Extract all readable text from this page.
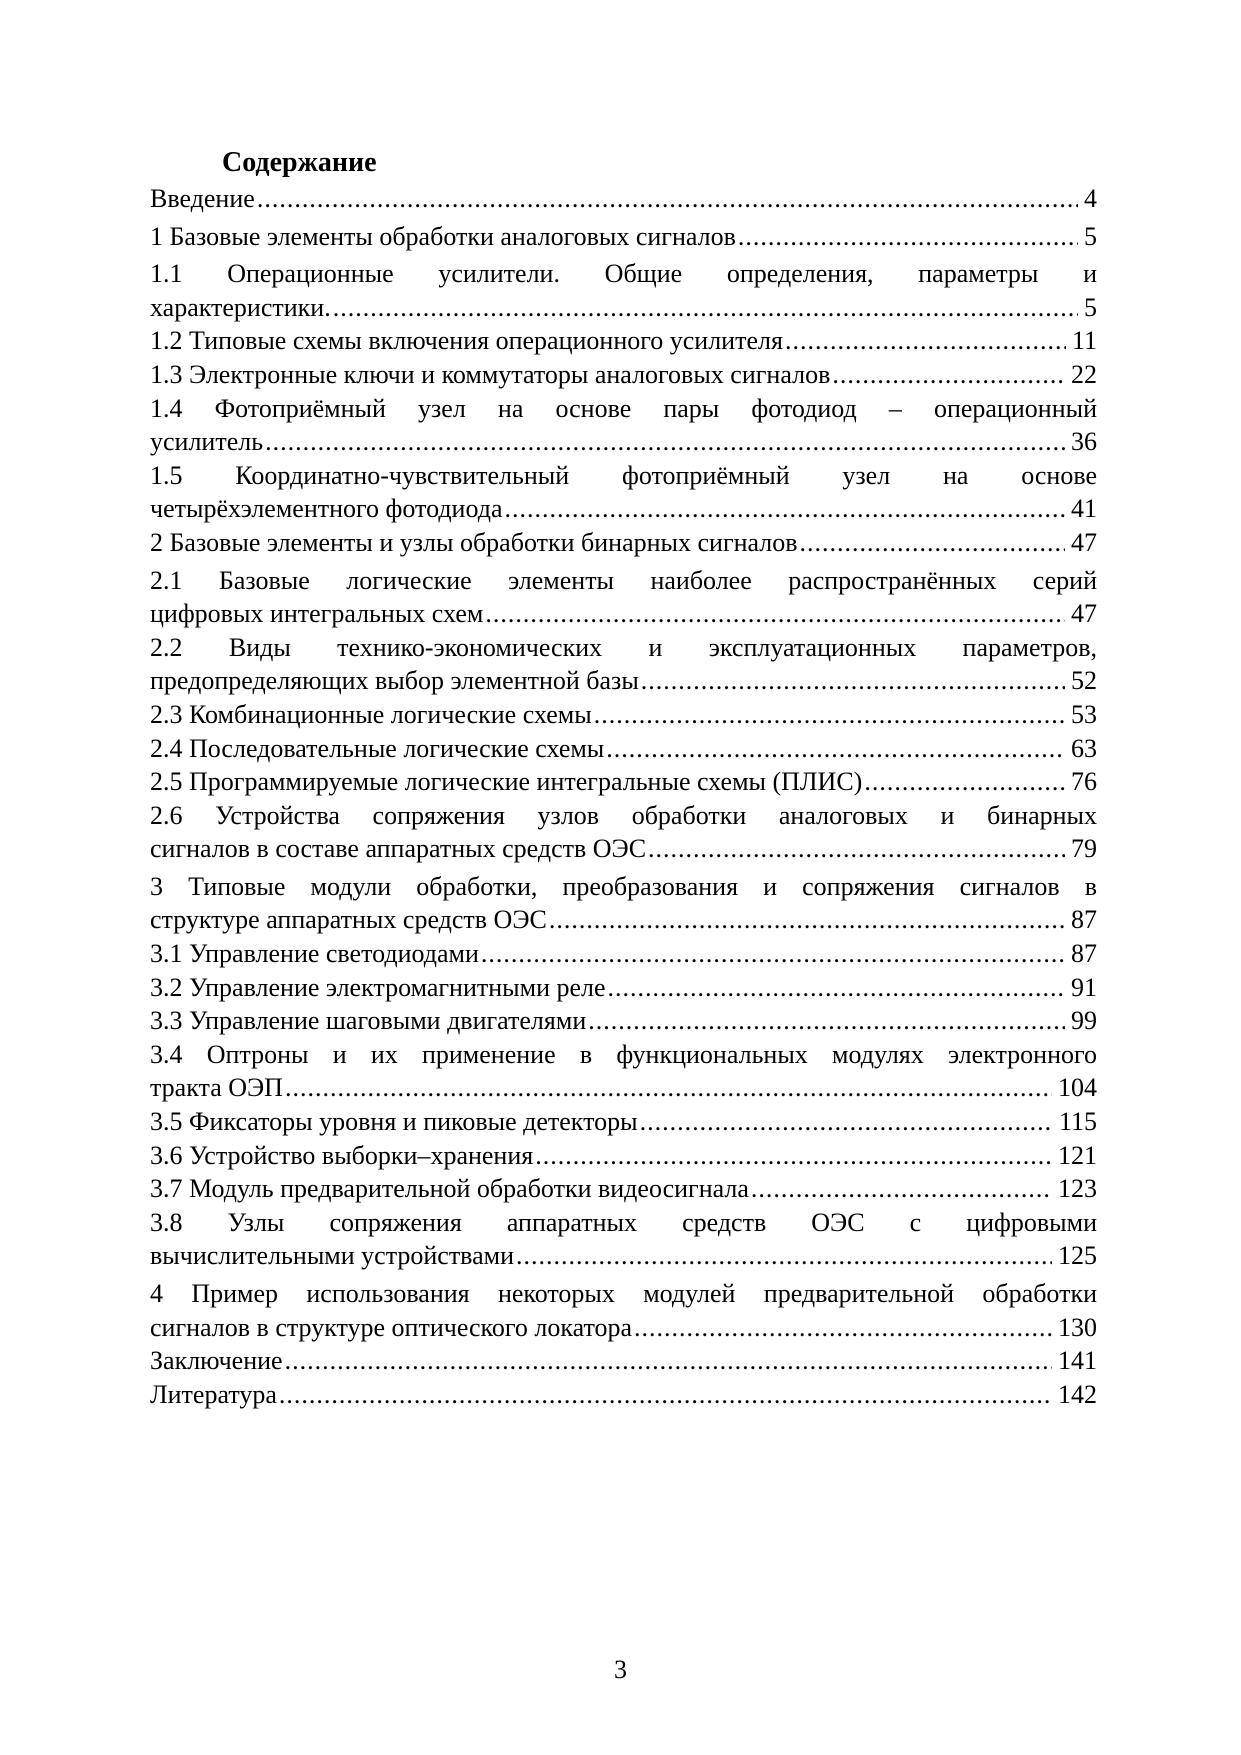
Содержание
Введение .....	4
1 Базовые элементы обработки аналоговых сигналов .....	5
1.1 Операционные усилители. Общие определения, параметры и
характеристики. .....	5
1.2 Типовые схемы включения операционного усилителя .....	11
1.3 Электронные ключи и коммутаторы аналоговых сигналов .....	22
1.4 Фотоприёмный узел на основе пары фотодиод – операционный
усилитель .....	36
1.5 Координатно-чувствительный фотоприёмный узел на основе
четырёхэлементного фотодиода .....	41
2 Базовые элементы и узлы обработки бинарных сигналов .....	47
2.1 Базовые логические элементы наиболее распространённых серий
цифровых интегральных схем .....	47
2.2 Виды технико-экономических и эксплуатационных параметров,
предопределяющих выбор элементной базы .....	52
2.3 Комбинационные логические схемы .....	53
2.4 Последовательные логические схемы .....	63
2.5 Программируемые логические интегральные схемы (ПЛИС) .....	76
2.6 Устройства сопряжения узлов обработки аналоговых и бинарных
сигналов в составе аппаратных средств ОЭС .....	79
3 Типовые модули обработки, преобразования и сопряжения сигналов в
структуре аппаратных средств ОЭС .....	87
3.1 Управление светодиодами .....	87
3.2 Управление электромагнитными реле .....	91
3.3 Управление шаговыми двигателями .....	99
3.4 Оптроны и их применение в функциональных модулях электронного
тракта ОЭП .....	104
3.5 Фиксаторы уровня и пиковые детекторы .....	115
3.6 Устройство выборки–хранения .....	121
3.7 Модуль предварительной обработки видеосигнала .....	123
3.8 Узлы сопряжения аппаратных средств ОЭС с цифровыми
вычислительными устройствами .....	125
4 Пример использования некоторых модулей предварительной обработки
сигналов в структуре оптического локатора .....	130
Заключение .....	141
Литература .....	142
3
